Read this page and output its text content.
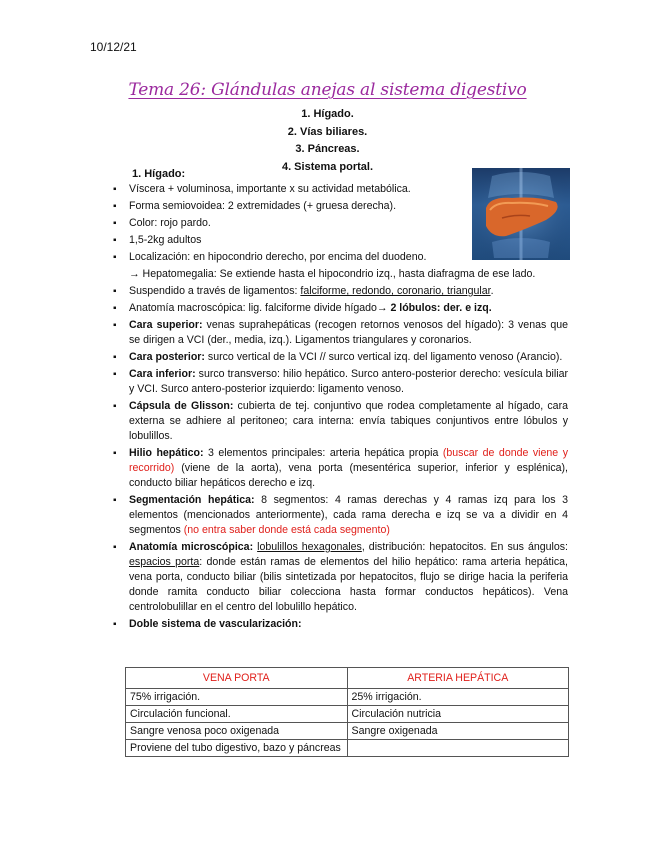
10/12/21
Tema 26: Glándulas anejas al sistema digestivo
1. Hígado.
2. Vías biliares.
3. Páncreas.
4. Sistema portal.
1. Hígado:
▪ Víscera + voluminosa, importante x su actividad metabólica.
▪ Forma semiovoidea: 2 extremidades (+ gruesa derecha).
▪ Color: rojo pardo.
▪ 1,5-2kg adultos
▪ Localización: en hipocondrio derecho, por encima del duodeno.
→ Hepatomegalia: Se extiende hasta el hipocondrio izq., hasta diafragma de ese lado.
▪ Suspendido a través de ligamentos: falciforme, redondo, coronario, triangular.
▪ Anatomía macroscópica: lig. falciforme divide hígado→ 2 lóbulos: der. e izq.
▪ Cara superior: venas suprahepáticas (recogen retornos venosos del hígado): 3 venas que se dirigen a VCI (der., media, izq.). Ligamentos triangulares y coronarios.
▪ Cara posterior: surco vertical de la VCI // surco vertical izq. del ligamento venoso (Arancio).
▪ Cara inferior: surco transverso: hilio hepático. Surco antero-posterior derecho: vesícula biliar y VCI. Surco antero-posterior izquierdo: ligamento venoso.
▪ Cápsula de Glisson: cubierta de tej. conjuntivo que rodea completamente al hígado, cara externa se adhiere al peritoneo; cara interna: envía tabiques conjuntivos entre lóbulos y lobulillos.
▪ Hilio hepático: 3 elementos principales: arteria hepática propia (buscar de donde viene y recorrido) (viene de la aorta), vena porta (mesentérica superior, inferior y esplénica), conducto biliar hepáticos derecho e izq.
▪ Segmentación hepática: 8 segmentos: 4 ramas derechas y 4 ramas izq para los 3 elementos (mencionados anteriormente), cada rama derecha e izq se va a dividir en 4 segmentos (no entra saber donde está cada segmento)
▪ Anatomía microscópica: lobulillos hexagonales, distribución: hepatocitos. En sus ángulos: espacios porta: donde están ramas de elementos del hilio hepático: rama arteria hepática, vena porta, conducto biliar (bilis sintetizada por hepatocitos, flujo se dirige hacia la periferia donde ramita conducto biliar colecciona hasta formar conductos hepáticos). Vena centrolobulillar en el centro del lobulillo hepático.
▪ Doble sistema de vascularización:
VENA PORTA	ARTERIA HEPÁTICA
75% irrigación.	25% irrigación.
Circulación funcional.	Circulación nutricia
Sangre venosa poco oxigenada	Sangre oxigenada
Proviene del tubo digestivo, bazo y páncreas	
